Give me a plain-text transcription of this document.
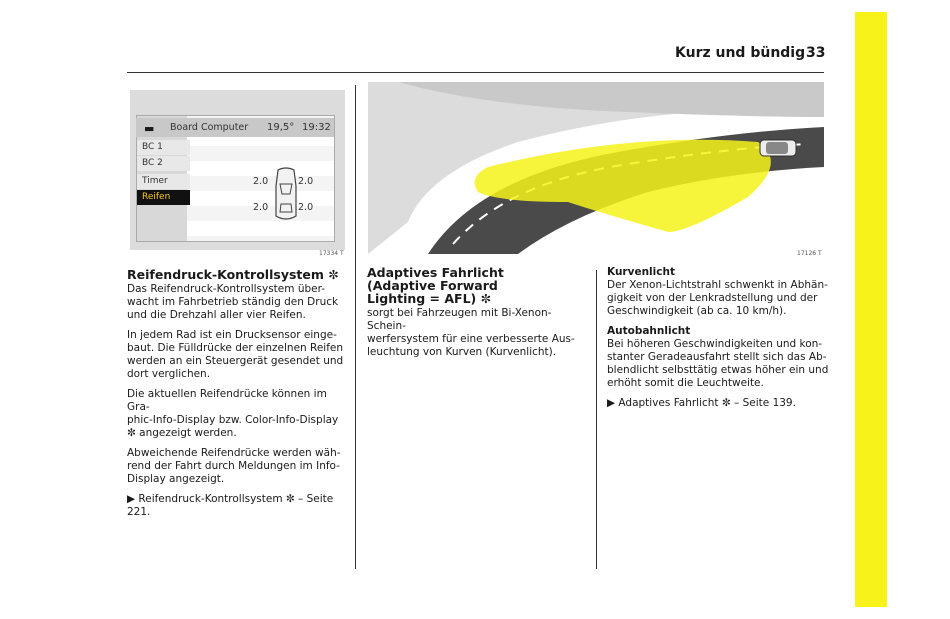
Kurz und bündig 33
▬ Board Computer 19,5° 19:32
BC 1
BC 2
Timer
Reifen
2.0	2.0
2.0	2.0
17334 T	17126 T
Reifendruck-Kontrollsystem ✼

Das Reifendruck-Kontrollsystem über-
wacht im Fahrbetrieb ständig den Druck
und die Drehzahl aller vier Reifen.

In jedem Rad ist ein Drucksensor einge-
baut. Die Fülldrücke der einzelnen Reifen
werden an ein Steuergerät gesendet und
dort verglichen.

Die aktuellen Reifendrücke können im Gra-
phic-Info-Display bzw. Color-Info-Display
✼ angezeigt werden.

Abweichende Reifendrücke werden wäh-
rend der Fahrt durch Meldungen im Info-
Display angezeigt.

▶ Reifendruck-Kontrollsystem ✼ – Seite
221.

Adaptives Fahrlicht
(Adaptive Forward
Lighting = AFL) ✼

sorgt bei Fahrzeugen mit Bi-Xenon-Schein-
werfersystem für eine verbesserte Aus-
leuchtung von Kurven (Kurvenlicht).

Kurvenlicht

Der Xenon-Lichtstrahl schwenkt in Abhän-
gigkeit von der Lenkradstellung und der
Geschwindigkeit (ab ca. 10 km/h).

Autobahnlicht

Bei höheren Geschwindigkeiten und kon-
stanter Geradeausfahrt stellt sich das Ab-
blendlicht selbsttätig etwas höher ein und
erhöht somit die Leuchtweite.

▶ Adaptives Fahrlicht ✼ – Seite 139.
